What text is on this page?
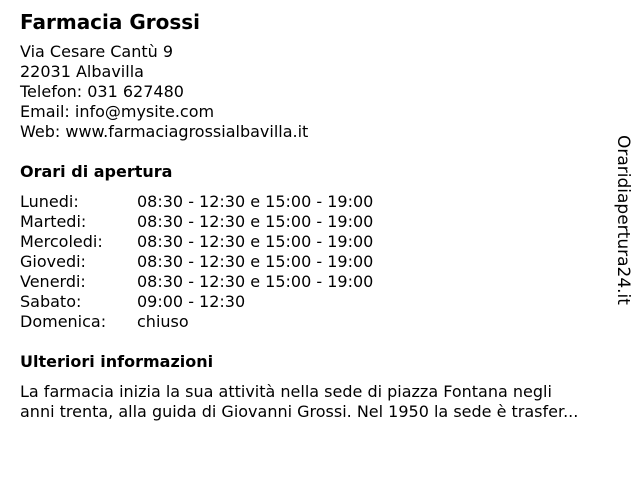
Farmacia Grossi
Via Cesare Cantù 9
22031 Albavilla
Telefon: 031 627480
Email: info@mysite.com
Web: www.farmaciagrossialbavilla.it
Orari di apertura
Lunedi:	08:30 - 12:30 e 15:00 - 19:00
Martedi:	08:30 - 12:30 e 15:00 - 19:00
Mercoledi:	08:30 - 12:30 e 15:00 - 19:00
Giovedi:	08:30 - 12:30 e 15:00 - 19:00
Venerdi:	08:30 - 12:30 e 15:00 - 19:00
Sabato:	09:00 - 12:30
Domenica:	chiuso
Ulteriori informazioni
La farmacia inizia la sua attività nella sede di piazza Fontana negli
anni trenta, alla guida di Giovanni Grossi. Nel 1950 la sede è trasfer...
Oraridiapertura24.it
